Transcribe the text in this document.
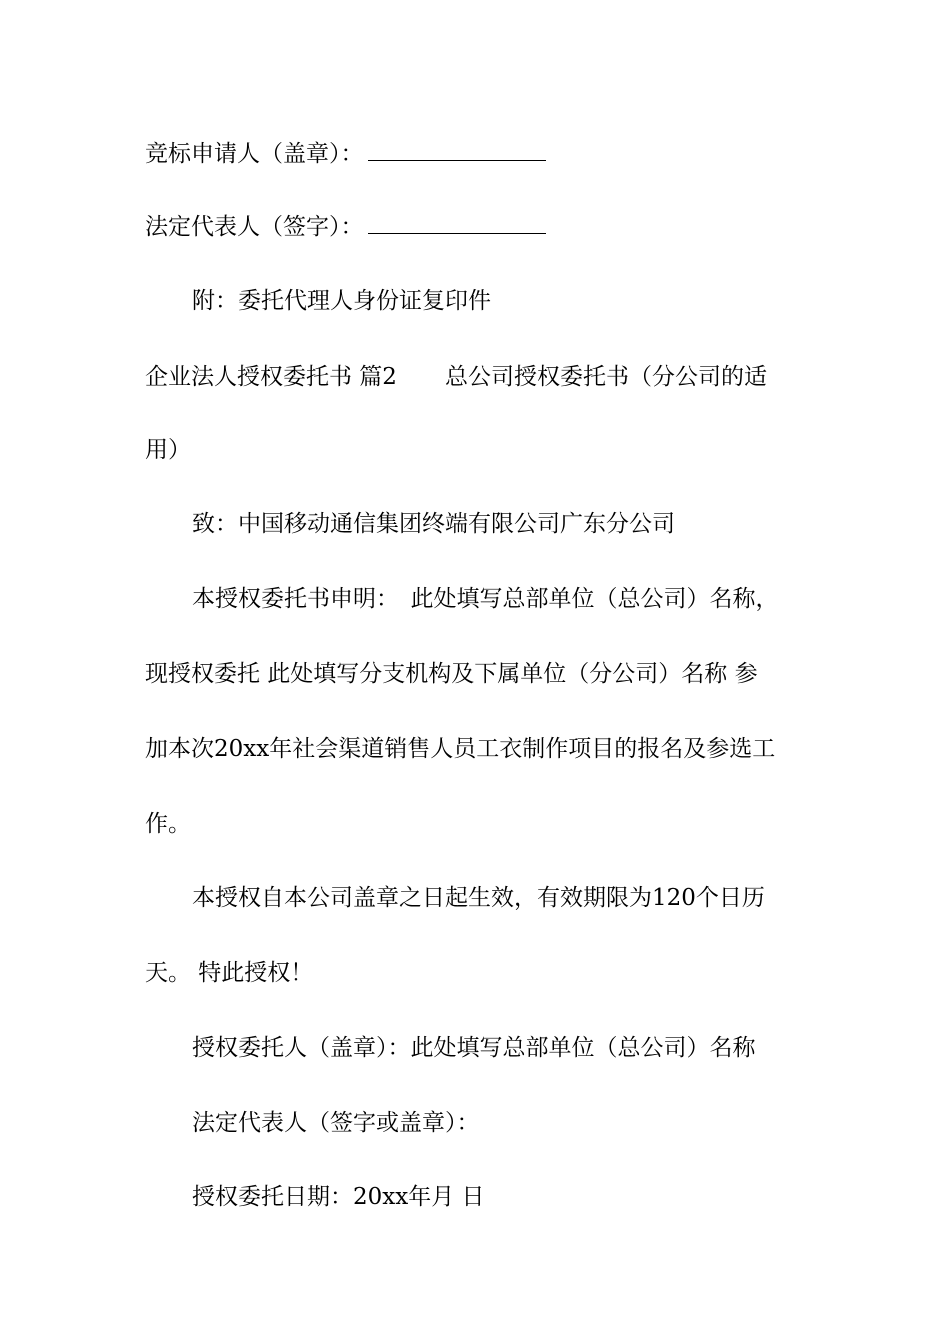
竞标申请人（盖章）：
法定代表人（签字）：
附：委托代理人身份证复印件
企业法人授权委托书 篇2 总公司授权委托书（分公司的适
用）
致：中国移动通信集团终端有限公司广东分公司
本授权委托书申明：　此处填写总部单位（总公司）名称，
现授权委托 此处填写分支机构及下属单位（分公司）名称 参
加本次20xx年社会渠道销售人员工衣制作项目的报名及参选工
作。
本授权自本公司盖章之日起生效，有效期限为120个日历
天。 特此授权！
授权委托人（盖章）：此处填写总部单位（总公司）名称
法定代表人（签字或盖章）：
授权委托日期：20xx年月 日
